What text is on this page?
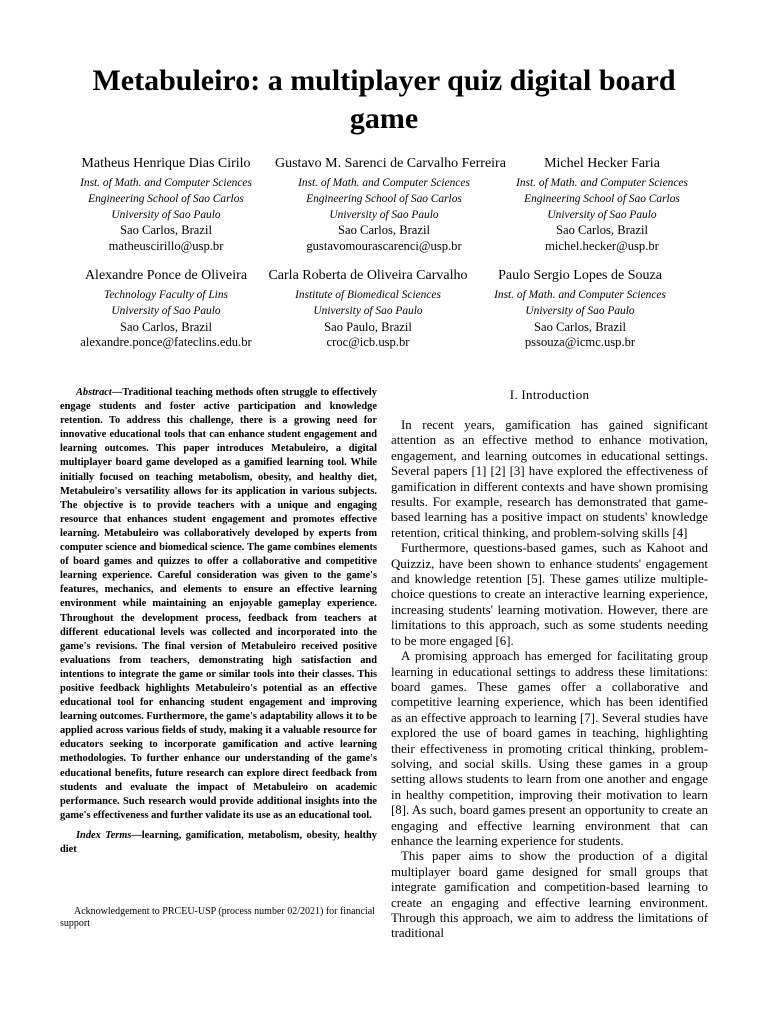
Metabuleiro: a multiplayer quiz digital board game
Matheus Henrique Dias Cirilo
Inst. of Math. and Computer Sciences
Engineering School of Sao Carlos
University of Sao Paulo
Sao Carlos, Brazil
matheuscirillo@usp.br
Gustavo M. Sarenci de Carvalho Ferreira
Inst. of Math. and Computer Sciences
Engineering School of Sao Carlos
University of Sao Paulo
Sao Carlos, Brazil
gustavomourascarenci@usp.br
Michel Hecker Faria
Inst. of Math. and Computer Sciences
Engineering School of Sao Carlos
University of Sao Paulo
Sao Carlos, Brazil
michel.hecker@usp.br
Alexandre Ponce de Oliveira
Technology Faculty of Lins
University of Sao Paulo
Sao Carlos, Brazil
alexandre.ponce@fateclins.edu.br
Carla Roberta de Oliveira Carvalho
Institute of Biomedical Sciences
University of Sao Paulo
Sao Paulo, Brazil
croc@icb.usp.br
Paulo Sergio Lopes de Souza
Inst. of Math. and Computer Sciences
University of Sao Paulo
Sao Carlos, Brazil
pssouza@icmc.usp.br

Abstract—Traditional teaching methods often struggle to effectively engage students and foster active participation and knowledge retention. To address this challenge, there is a growing need for innovative educational tools that can enhance student engagement and learning outcomes. This paper introduces Metabuleiro, a digital multiplayer board game developed as a gamified learning tool. While initially focused on teaching metabolism, obesity, and healthy diet, Metabuleiro's versatility allows for its application in various subjects. The objective is to provide teachers with a unique and engaging resource that enhances student engagement and promotes effective learning. Metabuleiro was collaboratively developed by experts from computer science and biomedical science. The game combines elements of board games and quizzes to offer a collaborative and competitive learning experience. Careful consideration was given to the game's features, mechanics, and elements to ensure an effective learning environment while maintaining an enjoyable gameplay experience. Throughout the development process, feedback from teachers at different educational levels was collected and incorporated into the game's revisions. The final version of Metabuleiro received positive evaluations from teachers, demonstrating high satisfaction and intentions to integrate the game or similar tools into their classes. This positive feedback highlights Metabuleiro's potential as an effective educational tool for enhancing student engagement and improving learning outcomes. Furthermore, the game's adaptability allows it to be applied across various fields of study, making it a valuable resource for educators seeking to incorporate gamification and active learning methodologies. To further enhance our understanding of the game's educational benefits, future research can explore direct feedback from students and evaluate the impact of Metabuleiro on academic performance. Such research would provide additional insights into the game's effectiveness and further validate its use as an educational tool.

Index Terms—learning, gamification, metabolism, obesity, healthy diet

Acknowledgement to PRCEU-USP (process number 02/2021) for financial support

I. Introduction

In recent years, gamification has gained significant attention as an effective method to enhance motivation, engagement, and learning outcomes in educational settings. Several papers [1] [2] [3] have explored the effectiveness of gamification in different contexts and have shown promising results. For example, research has demonstrated that game-based learning has a positive impact on students' knowledge retention, critical thinking, and problem-solving skills [4]

Furthermore, questions-based games, such as Kahoot and Quizziz, have been shown to enhance students' engagement and knowledge retention [5]. These games utilize multiple-choice questions to create an interactive learning experience, increasing students' learning motivation. However, there are limitations to this approach, such as some students needing to be more engaged [6].

A promising approach has emerged for facilitating group learning in educational settings to address these limitations: board games. These games offer a collaborative and competitive learning experience, which has been identified as an effective approach to learning [7]. Several studies have explored the use of board games in teaching, highlighting their effectiveness in promoting critical thinking, problem-solving, and social skills. Using these games in a group setting allows students to learn from one another and engage in healthy competition, improving their motivation to learn [8]. As such, board games present an opportunity to create an engaging and effective learning environment that can enhance the learning experience for students.

This paper aims to show the production of a digital multiplayer board game designed for small groups that integrate gamification and competition-based learning to create an engaging and effective learning environment. Through this approach, we aim to address the limitations of traditional
